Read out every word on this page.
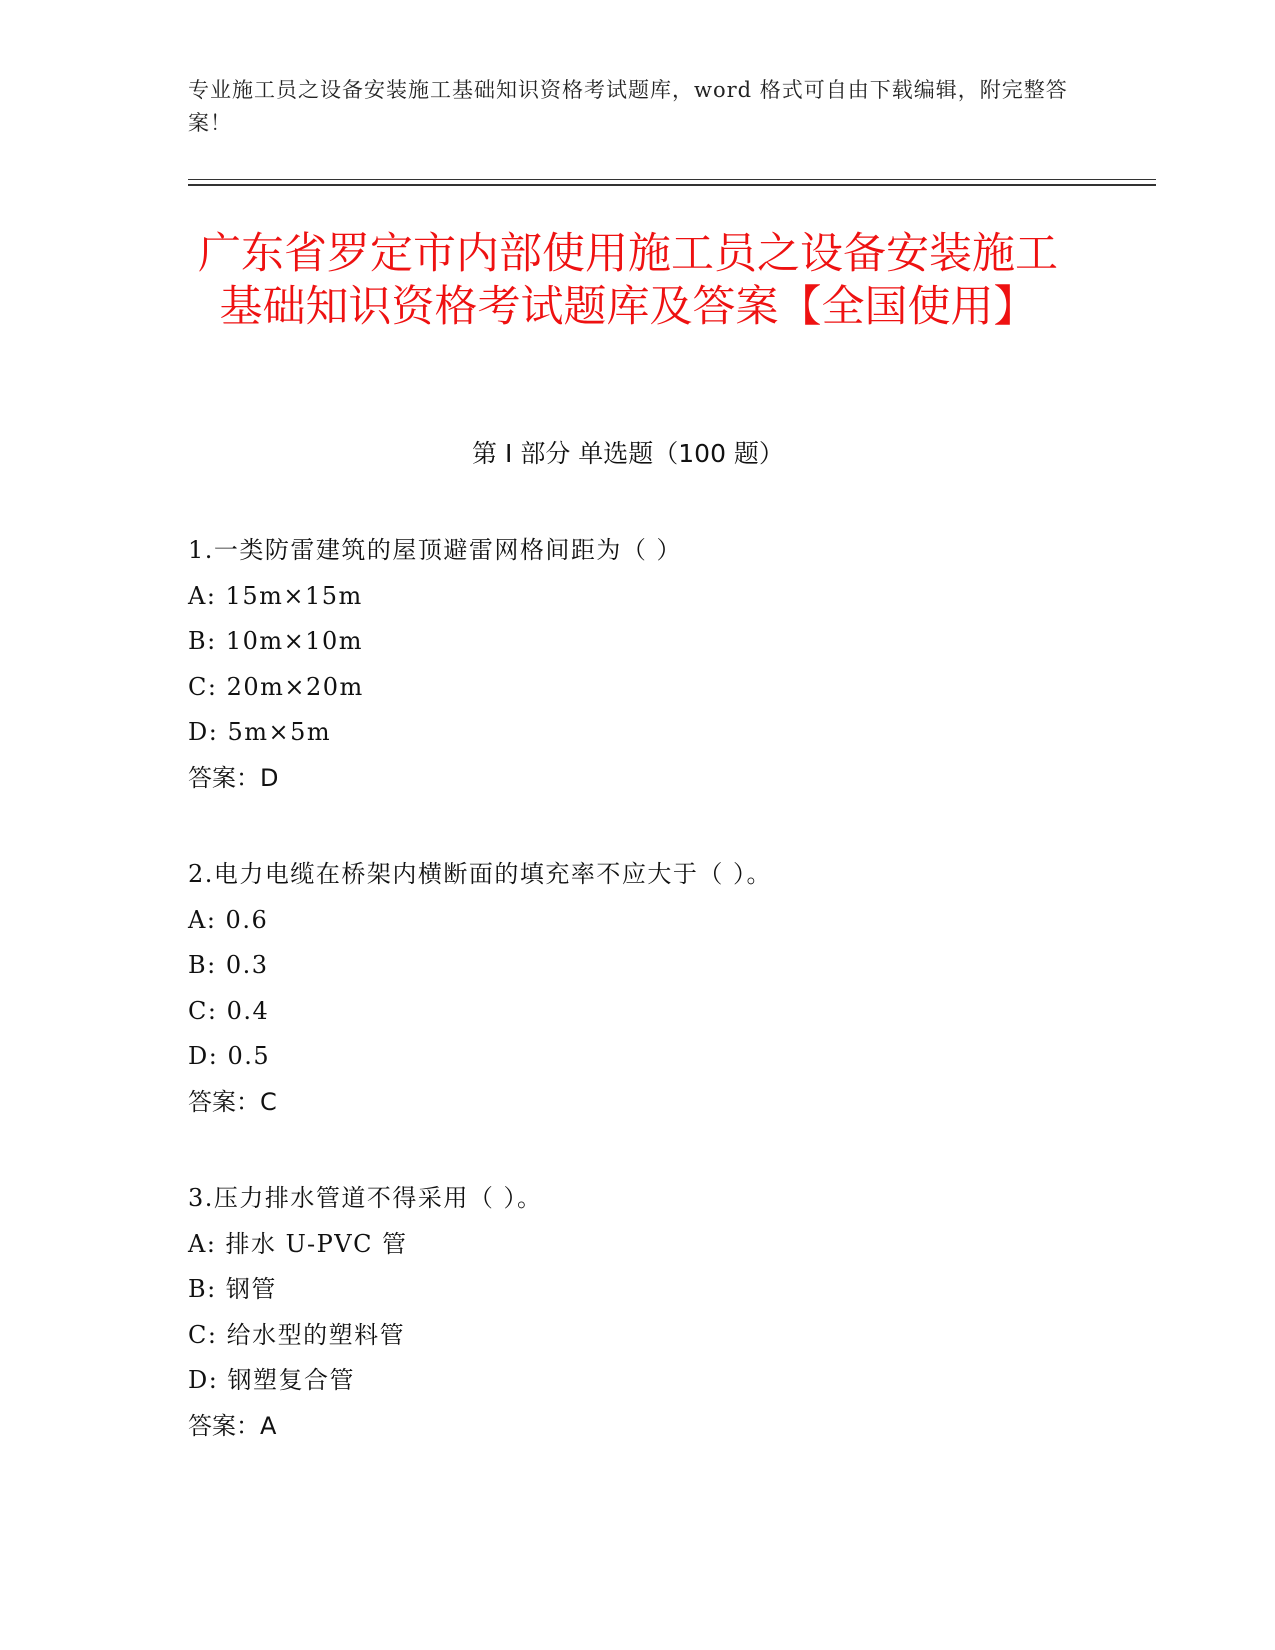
专业施工员之设备安装施工基础知识资格考试题库，word 格式可自由下载编辑，附完整答案！
广东省罗定市内部使用施工员之设备安装施工基础知识资格考试题库及答案【全国使用】
第 I 部分 单选题（100 题）
1.一类防雷建筑的屋顶避雷网格间距为（ ）
A: 15m×15m
B: 10m×10m
C: 20m×20m
D: 5m×5m
答案：D
2.电力电缆在桥架内横断面的填充率不应大于（ ）。
A: 0.6
B: 0.3
C: 0.4
D: 0.5
答案：C
3.压力排水管道不得采用（ ）。
A: 排水 U-PVC 管
B: 钢管
C: 给水型的塑料管
D: 钢塑复合管
答案：A
